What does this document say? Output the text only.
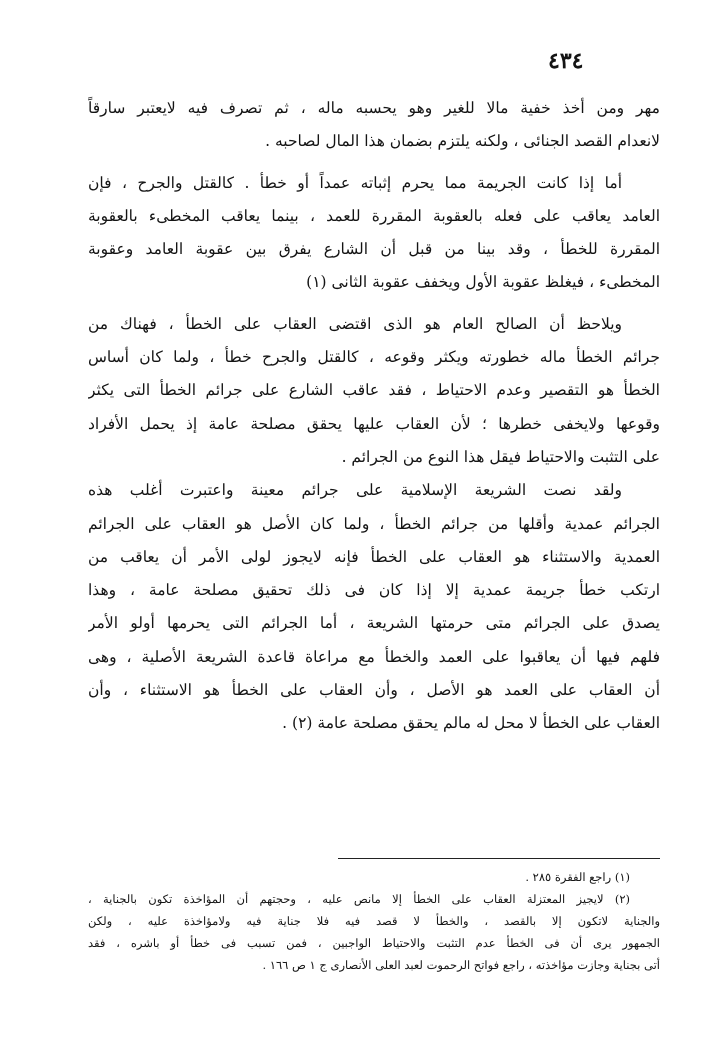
٤٣٤
مهر ومن أخذ خفية مالا للغير وهو يحسبه ماله ، ثم تصرف فيه لايعتبر سارقاً
لانعدام القصد الجنائى ، ولكنه يلتزم بضمان هذا المال لصاحبه .
أما إذا كانت الجريمة مما يحرم إثباته عمداً أو خطأ . كالقتل والجرح ، فإن
العامد يعاقب على فعله بالعقوبة المقررة للعمد ، بينما يعاقب المخطىء بالعقوبة
المقررة للخطأ ، وقد بينا من قبل أن الشارع يفرق بين عقوبة العامد وعقوبة
المخطىء ، فيغلظ عقوبة الأول ويخفف عقوبة الثانى (١)
ويلاحظ أن الصالح العام هو الذى اقتضى العقاب على الخطأ ، فهناك من
جرائم الخطأ ماله خطورته ويكثر وقوعه ، كالقتل والجرح خطأ ، ولما كان أساس
الخطأ هو التقصير وعدم الاحتياط ، فقد عاقب الشارع على جرائم الخطأ التى يكثر
وقوعها ولايخفى خطرها ؛ لأن العقاب عليها يحقق مصلحة عامة إذ يحمل الأفراد
على التثبت والاحتياط فيقل هذا النوع من الجرائم .
ولقد نصت الشريعة الإسلامية على جرائم معينة واعتبرت أغلب هذه
الجرائم عمدية وأقلها من جرائم الخطأ ، ولما كان الأصل هو العقاب على الجرائم
العمدية والاستثناء هو العقاب على الخطأ فإنه لايجوز لولى الأمر أن يعاقب من
ارتكب خطأ جريمة عمدية إلا إذا كان فى ذلك تحقيق مصلحة عامة ، وهذا
يصدق على الجرائم متى حرمتها الشريعة ، أما الجرائم التى يحرمها أولو الأمر
فلهم فيها أن يعاقبوا على العمد والخطأ مع مراعاة قاعدة الشريعة الأصلية ، وهى
أن العقاب على العمد هو الأصل ، وأن العقاب على الخطأ هو الاستثناء ، وأن
العقاب على الخطأ لا محل له مالم يحقق مصلحة عامة (٢) .
(١) راجع الفقرة ٢٨٥ .
(٢) لايجيز المعتزلة العقاب على الخطأ إلا مانص عليه ، وحجتهم أن المؤاخذة تكون بالجناية ،
والجناية لاتكون إلا بالقصد ، والخطأ لا قصد فيه فلا جناية فيه ولامؤاخذة عليه ، ولكن
الجمهور يرى أن فى الخطأ عدم التثبت والاحتياط الواجبين ، فمن تسبب فى خطأ أو باشره ، فقد
أتى بجناية وجازت مؤاخذته ، راجع فواتح الرحموت لعبد العلى الأنصارى ج ١ ص ١٦٦ .
